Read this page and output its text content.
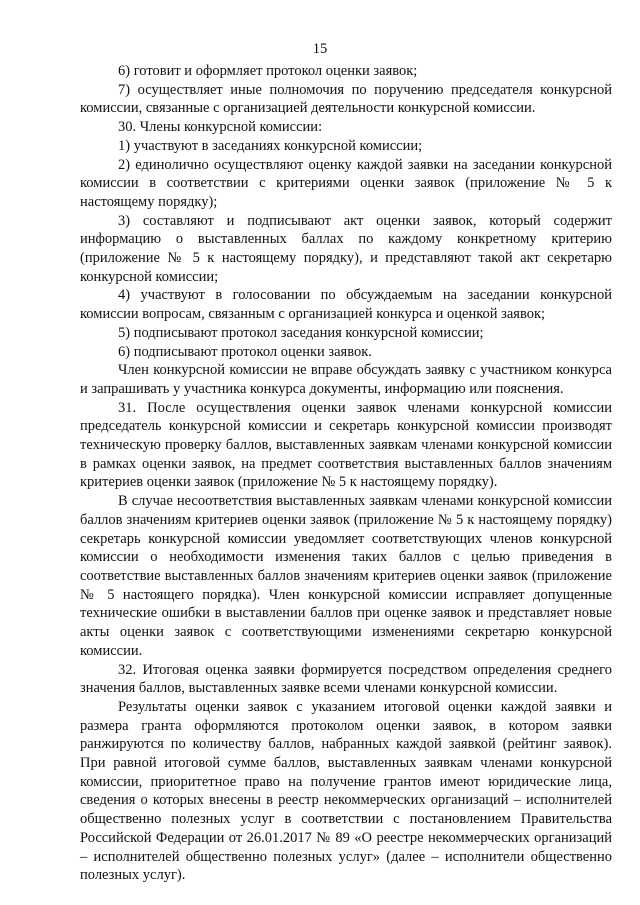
15

6) готовит и оформляет протокол оценки заявок;

7) осуществляет иные полномочия по поручению председателя конкурсной комиссии, связанные с организацией деятельности конкурсной комиссии.

30. Члены конкурсной комиссии:

1) участвуют в заседаниях конкурсной комиссии;

2) единолично осуществляют оценку каждой заявки на заседании конкурсной комиссии в соответствии с критериями оценки заявок (приложение № 5 к настоящему порядку);

3) составляют и подписывают акт оценки заявок, который содержит информацию о выставленных баллах по каждому конкретному критерию (приложение № 5 к настоящему порядку), и представляют такой акт секретарю конкурсной комиссии;

4) участвуют в голосовании по обсуждаемым на заседании конкурсной комиссии вопросам, связанным с организацией конкурса и оценкой заявок;

5) подписывают протокол заседания конкурсной комиссии;

6) подписывают протокол оценки заявок.

Член конкурсной комиссии не вправе обсуждать заявку с участником конкурса и запрашивать у участника конкурса документы, информацию или пояснения.

31. После осуществления оценки заявок членами конкурсной комиссии председатель конкурсной комиссии и секретарь конкурсной комиссии производят техническую проверку баллов, выставленных заявкам членами конкурсной комиссии в рамках оценки заявок, на предмет соответствия выставленных баллов значениям критериев оценки заявок (приложение № 5 к настоящему порядку).

В случае несоответствия выставленных заявкам членами конкурсной комиссии баллов значениям критериев оценки заявок (приложение № 5 к настоящему порядку) секретарь конкурсной комиссии уведомляет соответствующих членов конкурсной комиссии о необходимости изменения таких баллов с целью приведения в соответствие выставленных баллов значениям критериев оценки заявок (приложение № 5 настоящего порядка). Член конкурсной комиссии исправляет допущенные технические ошибки в выставлении баллов при оценке заявок и представляет новые акты оценки заявок с соответствующими изменениями секретарю конкурсной комиссии.

32. Итоговая оценка заявки формируется посредством определения среднего значения баллов, выставленных заявке всеми членами конкурсной комиссии.

Результаты оценки заявок с указанием итоговой оценки каждой заявки и размера гранта оформляются протоколом оценки заявок, в котором заявки ранжируются по количеству баллов, набранных каждой заявкой (рейтинг заявок). При равной итоговой сумме баллов, выставленных заявкам членами конкурсной комиссии, приоритетное право на получение грантов имеют юридические лица, сведения о которых внесены в реестр некоммерческих организаций – исполнителей общественно полезных услуг в соответствии с постановлением Правительства Российской Федерации от 26.01.2017 № 89 «О реестре некоммерческих организаций – исполнителей общественно полезных услуг» (далее – исполнители общественно полезных услуг).
